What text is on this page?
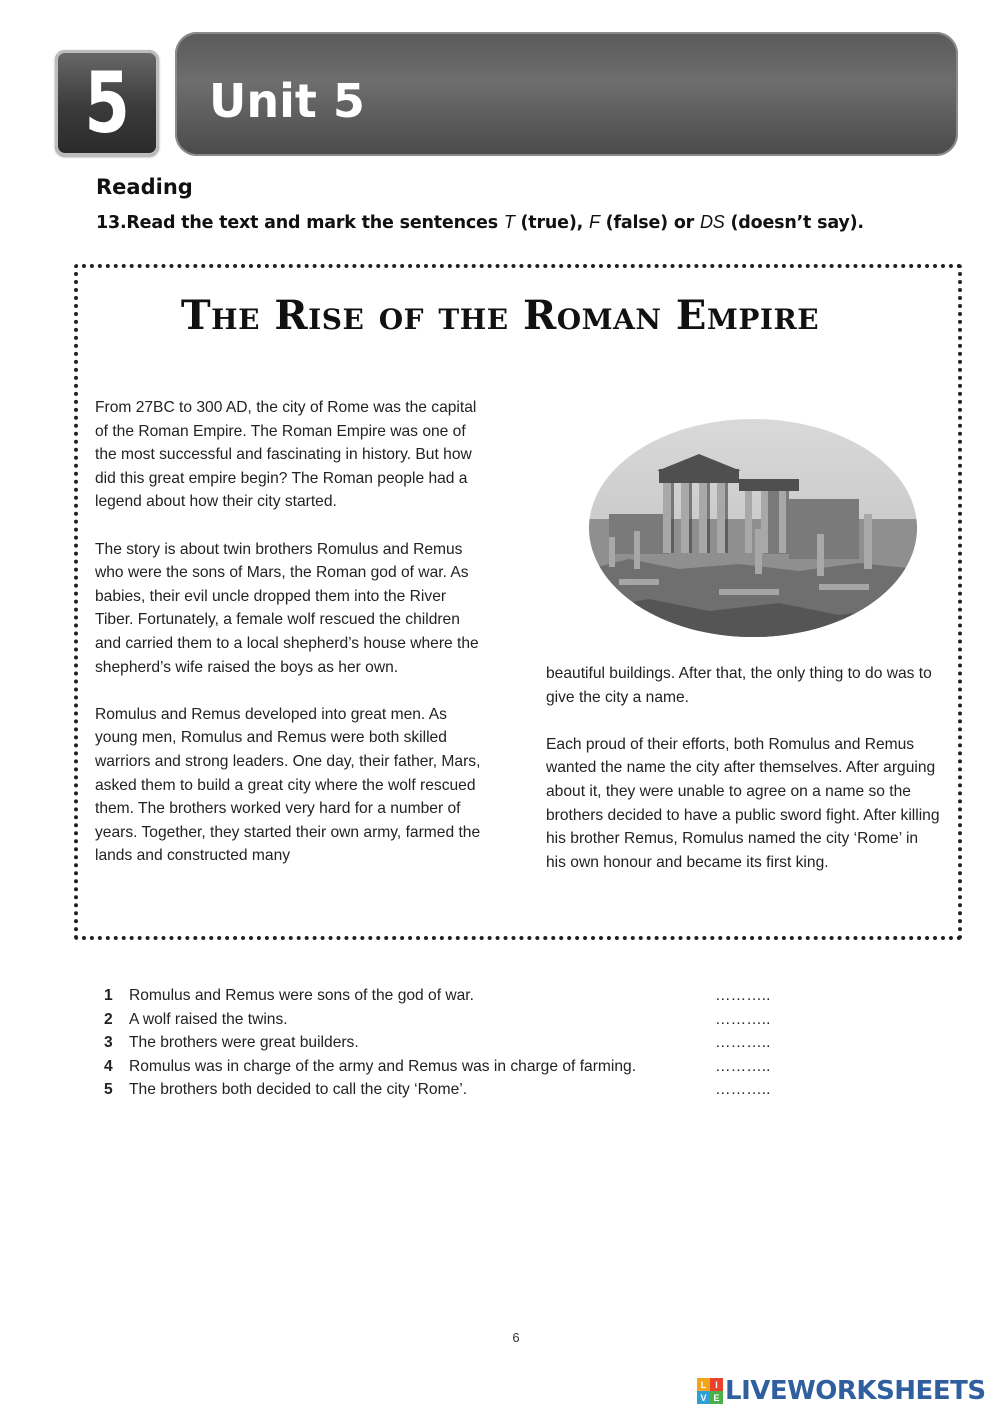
5 Unit 5
Reading
13.Read the text and mark the sentences T (true), F (false) or DS (doesn’t say).
The Rise of the Roman Empire

From 27BC to 300 AD, the city of Rome was the capital of the Roman Empire. The Roman Empire was one of the most successful and fascinating in history. But how did this great empire begin? The Roman people had a legend about how their city started.

The story is about twin brothers Romulus and Remus who were the sons of Mars, the Roman god of war. As babies, their evil uncle dropped them into the River Tiber. Fortunately, a female wolf rescued the children and carried them to a local shepherd’s house where the shepherd’s wife raised the boys as her own.

Romulus and Remus developed into great men. As young men, Romulus and Remus were both skilled warriors and strong leaders. One day, their father, Mars, asked them to build a great city where the wolf rescued them. The brothers worked very hard for a number of years. Together, they started their own army, farmed the lands and constructed many

beautiful buildings. After that, the only thing to do was to give the city a name.

Each proud of their efforts, both Romulus and Remus wanted the name the city after themselves. After arguing about it, they were unable to agree on a name so the brothers decided to have a public sword fight. After killing his brother Remus, Romulus named the city ‘Rome’ in his own honour and became its first king.

1 Romulus and Remus were sons of the god of war.	………..
2 A wolf raised the twins.	………..
3 The brothers were great builders.	………..
4 Romulus was in charge of the army and Remus was in charge of farming.	………..
5 The brothers both decided to call the city ‘Rome’.	………..
6
L I
V E LIVEWORKSHEETS
